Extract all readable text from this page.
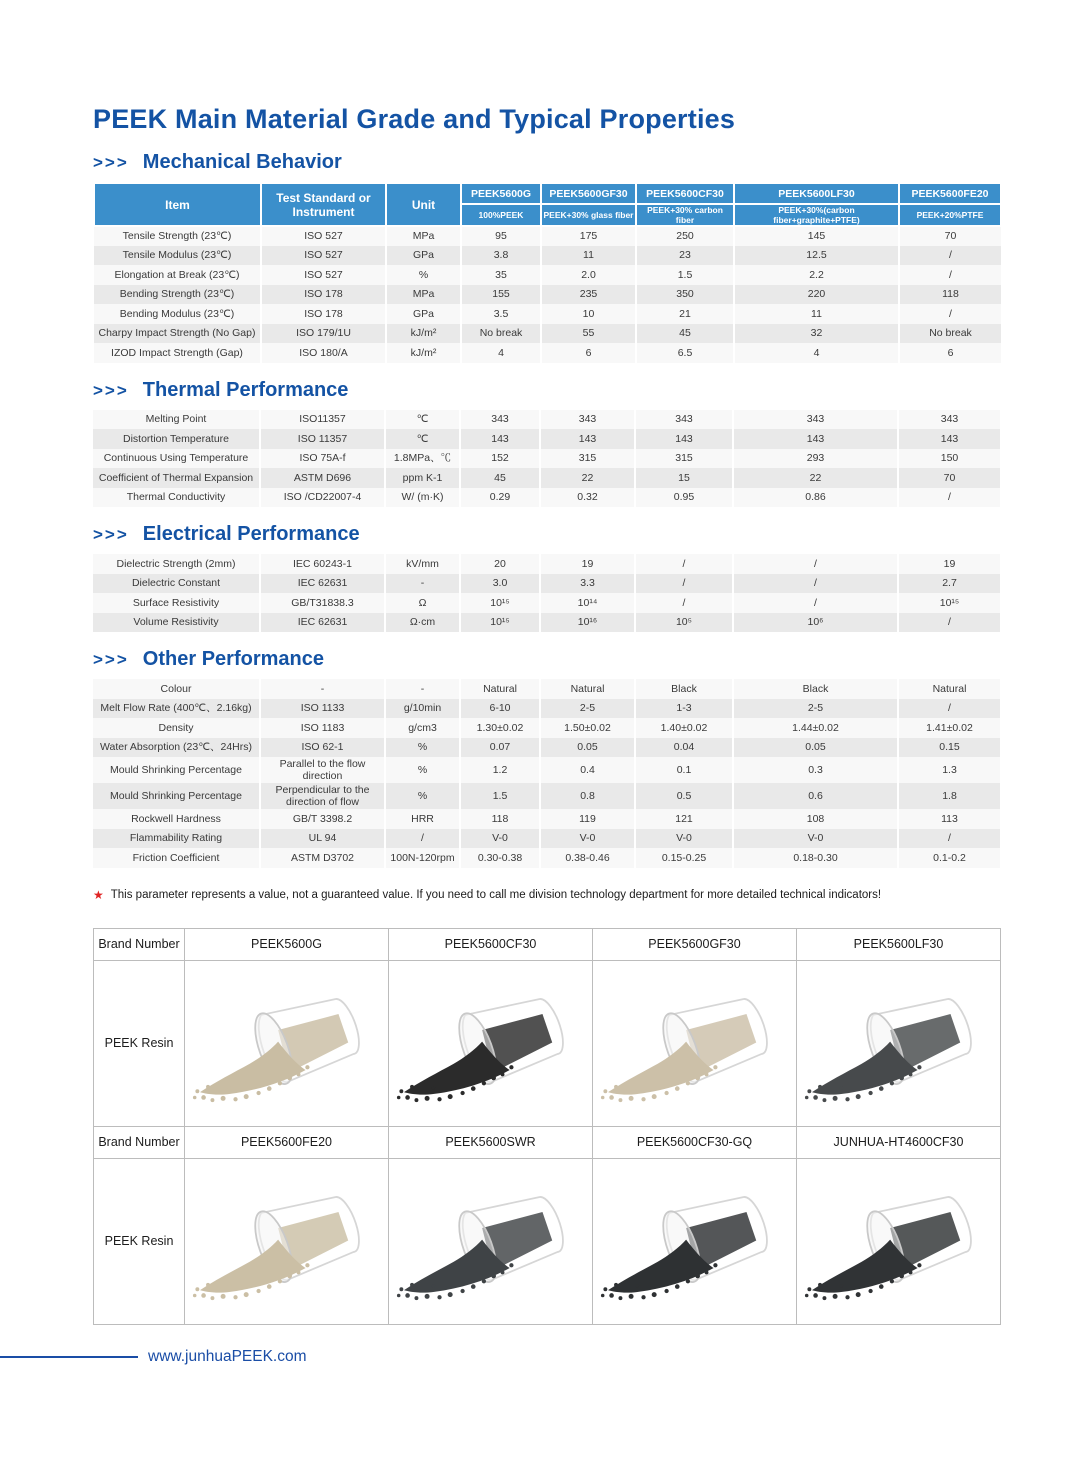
PEEK Main Material Grade and Typical Properties
>>> Mechanical Behavior
Item	Test Standard or Instrument	Unit	PEEK5600G	PEEK5600GF30	PEEK5600CF30	PEEK5600LF30	PEEK5600FE20
			100%PEEK	PEEK+30% glass fiber	PEEK+30% carbon fiber	PEEK+30%(carbon fiber+graphite+PTFE)	PEEK+20%PTFE
Tensile Strength (23℃)	ISO 527	MPa	95	175	250	145	70
Tensile Modulus (23℃)	ISO 527	GPa	3.8	11	23	12.5	/
Elongation at Break (23℃)	ISO 527	%	35	2.0	1.5	2.2	/
Bending Strength (23℃)	ISO 178	MPa	155	235	350	220	118
Bending Modulus (23℃)	ISO 178	GPa	3.5	10	21	11	/
Charpy Impact Strength (No Gap)	ISO 179/1U	kJ/m²	No break	55	45	32	No break
IZOD Impact Strength (Gap)	ISO 180/A	kJ/m²	4	6	6.5	4	6
>>> Thermal Performance
Melting Point	ISO11357	℃	343	343	343	343	343
Distortion Temperature	ISO 11357	℃	143	143	143	143	143
Continuous Using Temperature	ISO 75A-f	1.8MPa、℃	152	315	315	293	150
Coefficient of Thermal Expansion	ASTM D696	ppm K-1	45	22	15	22	70
Thermal Conductivity	ISO /CD22007-4	W/ (m·K)	0.29	0.32	0.95	0.86	/
>>> Electrical Performance
Dielectric Strength (2mm)	IEC 60243-1	kV/mm	20	19	/	/	19
Dielectric Constant	IEC 62631	-	3.0	3.3	/	/	2.7
Surface Resistivity	GB/T31838.3	Ω	10¹⁵	10¹⁴	/	/	10¹⁵
Volume Resistivity	IEC 62631	Ω·cm	10¹⁵	10¹⁶	10⁵	10⁶	/
>>> Other Performance
Colour	-	-	Natural	Natural	Black	Black	Natural
Melt Flow Rate (400℃、2.16kg)	ISO 1133	g/10min	6-10	2-5	1-3	2-5	/
Density	ISO 1183	g/cm3	1.30±0.02	1.50±0.02	1.40±0.02	1.44±0.02	1.41±0.02
Water Absorption (23℃、24Hrs)	ISO 62-1	%	0.07	0.05	0.04	0.05	0.15
Mould Shrinking Percentage	Parallel to the flow direction	%	1.2	0.4	0.1	0.3	1.3
Mould Shrinking Percentage	Perpendicular to the direction of flow	%	1.5	0.8	0.5	0.6	1.8
Rockwell Hardness	GB/T 3398.2	HRR	118	119	121	108	113
Flammability Rating	UL 94	/	V-0	V-0	V-0	V-0	/
Friction Coefficient	ASTM D3702	100N-120rpm	0.30-0.38	0.38-0.46	0.15-0.25	0.18-0.30	0.1-0.2
★ This parameter represents a value, not a guaranteed value. If you need to call me division technology department for more detailed technical indicators!
Brand Number	PEEK5600G	PEEK5600CF30	PEEK5600GF30	PEEK5600LF30
PEEK Resin	

Brand Number	PEEK5600FE20	PEEK5600SWR	PEEK5600CF30-GQ	JUNHUA-HT4600CF30
PEEK Resin	

www.junhuaPEEK.com
